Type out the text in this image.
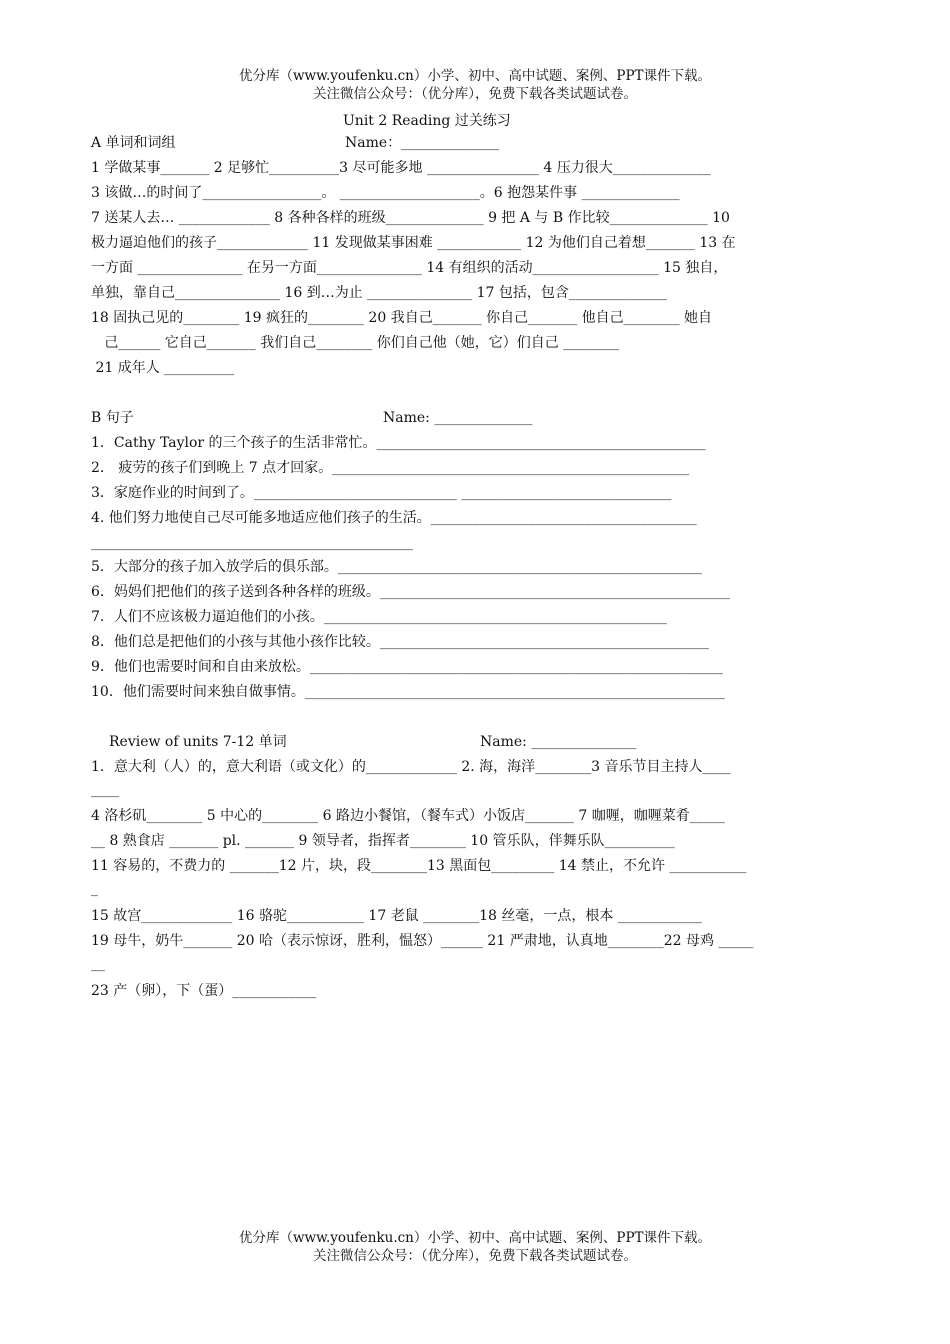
优分库（www.youfenku.cn）小学、初中、高中试题、案例、PPT课件下载。
关注微信公众号：（优分库），免费下载各类试题试卷。
Unit 2 Reading 过关练习
A 单词和词组	Name：______________
1 学做某事_______ 2 足够忙__________3 尽可能多地 ________________ 4 压力很大______________
3 该做…的时间了_________________。 ____________________。6 抱怨某件事 ______________
7 送某人去… _____________ 8 各种各样的班级______________ 9 把 A 与 B 作比较______________ 10
极力逼迫他们的孩子_____________ 11 发现做某事困难 ____________ 12 为他们自己着想_______ 13 在
一方面 _______________ 在另一方面_______________ 14 有组织的活动__________________ 15 独自，
单独，靠自己_______________ 16 到…为止 _______________ 17 包括，包含______________
18 固执己见的________ 19 疯狂的________ 20 我自己_______ 你自己_______ 他自己________ 她自
己______ 它自己_______ 我们自己________ 你们自己他（她，它）们自己 ________
21 成年人 __________
B 句子	Name: ______________
1．Cathy Taylor 的三个孩子的生活非常忙。_______________________________________________
2． 疲劳的孩子们到晚上 7 点才回家。___________________________________________________
3．家庭作业的时间到了。_____________________________ ______________________________
4. 他们努力地使自己尽可能多地适应他们孩子的生活。______________________________________
______________________________________________
5．大部分的孩子加入放学后的俱乐部。____________________________________________________
6．妈妈们把他们的孩子送到各种各样的班级。__________________________________________________
7．人们不应该极力逼迫他们的小孩。_________________________________________________
8．他们总是把他们的小孩与其他小孩作比较。_______________________________________________
9．他们也需要时间和自由来放松。___________________________________________________________
10．他们需要时间来独自做事情。____________________________________________________________
Review of units 7-12 单词	Name: _______________
1．意大利（人）的，意大利语（或文化）的_____________ 2. 海，海洋________3 音乐节目主持人____
____
4 洛杉矶________ 5 中心的________ 6 路边小餐馆，（餐车式）小饭店_______ 7 咖喱，咖喱菜肴_____
__ 8 熟食店 _______ pl. _______ 9 领导者，指挥者________ 10 管乐队，伴舞乐队__________
11 容易的，不费力的 _______12 片，块，段________13 黑面包_________ 14 禁止，不允许 ___________
_
15 故宫_____________ 16 骆驼___________ 17 老鼠 ________18 丝毫，一点，根本 ____________
19 母牛，奶牛_______ 20 哈（表示惊讶，胜利，愠怒）______ 21 严肃地，认真地________22 母鸡 _____
__
23 产（卵），下（蛋）____________
优分库（www.youfenku.cn）小学、初中、高中试题、案例、PPT课件下载。
关注微信公众号：（优分库），免费下载各类试题试卷。
